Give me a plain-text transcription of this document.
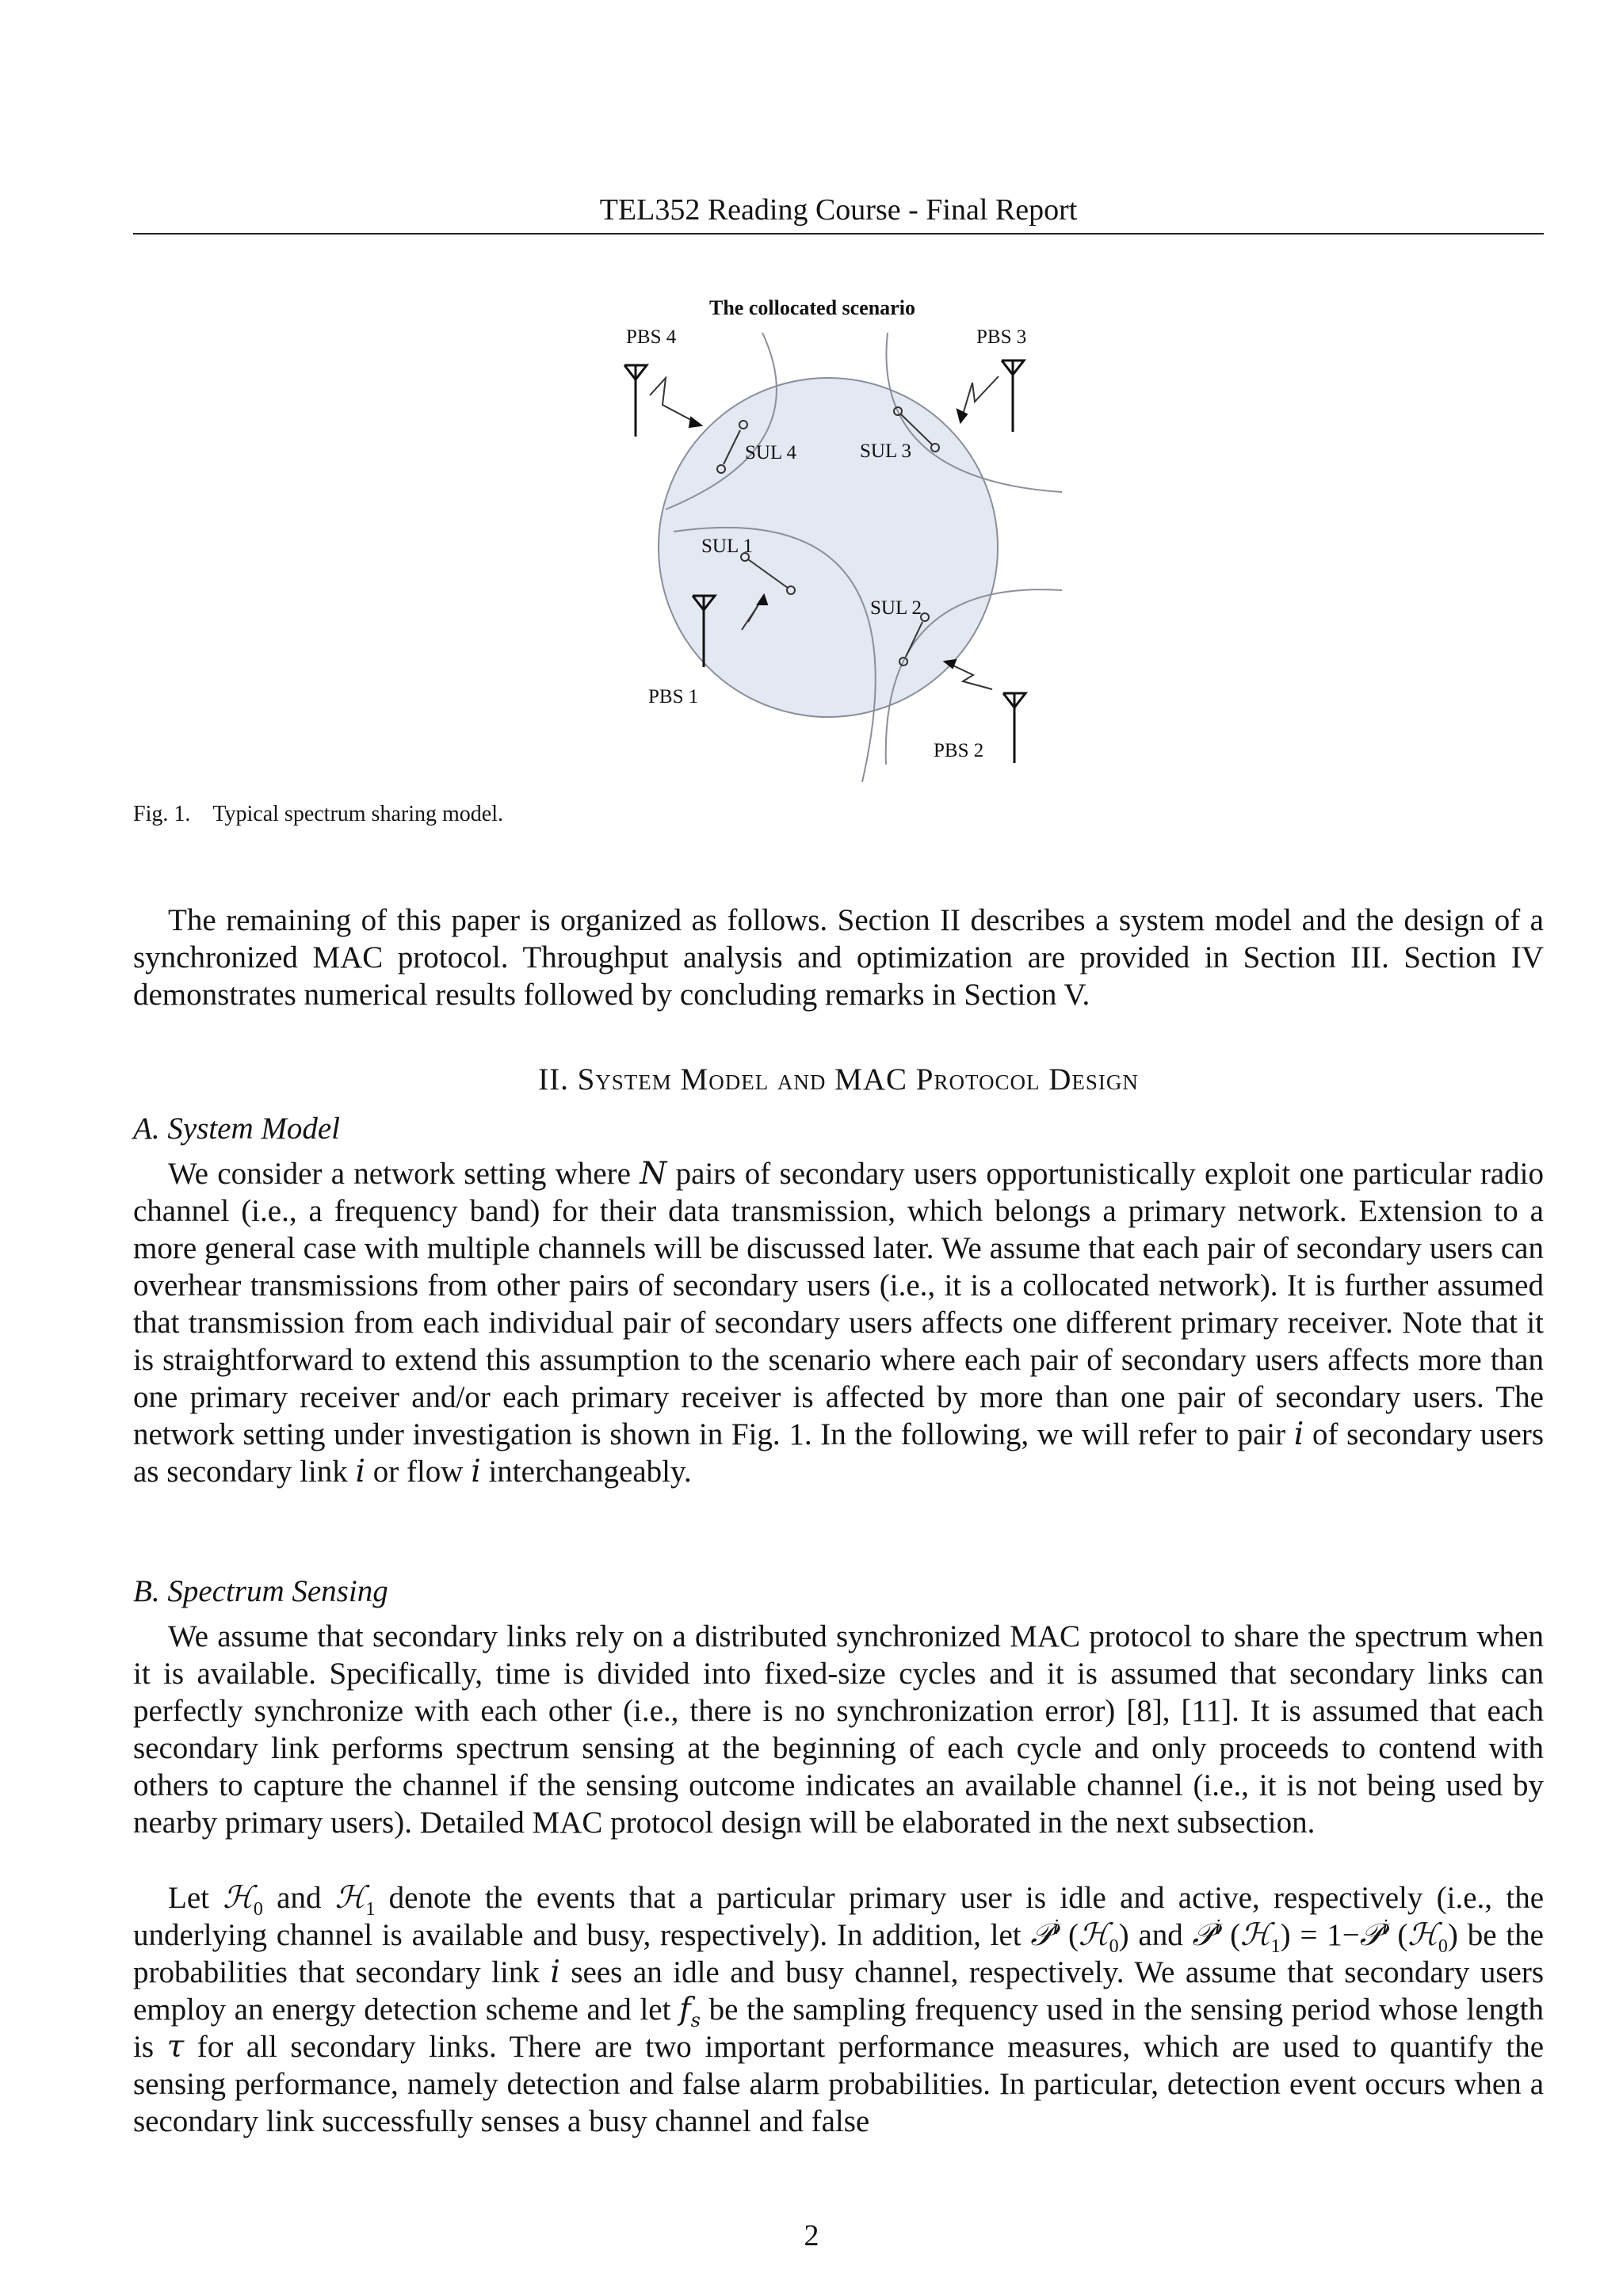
TEL352 Reading Course - Final Report
The collocated scenario
PBS 4	PBS 3
PBS 1
PBS 2
SUL 4	SUL 3
SUL 1
SUL 2
Fig. 1. Typical spectrum sharing model.

The remaining of this paper is organized as follows. Section II describes a system model and the design of a synchronized MAC protocol. Throughput analysis and optimization are provided in Section III. Section IV demonstrates numerical results followed by concluding remarks in Section V.

II. System Model and MAC Protocol Design
A. System Model

We consider a network setting where N pairs of secondary users opportunistically exploit one particular radio channel (i.e., a frequency band) for their data transmission, which belongs a primary network. Extension to a more general case with multiple channels will be discussed later. We assume that each pair of secondary users can overhear transmissions from other pairs of secondary users (i.e., it is a collocated network). It is further assumed that transmission from each individual pair of secondary users affects one different primary receiver. Note that it is straightforward to extend this assumption to the scenario where each pair of secondary users affects more than one primary receiver and/or each primary receiver is affected by more than one pair of secondary users. The network setting under investigation is shown in Fig. 1. In the following, we will refer to pair i of secondary users as secondary link i or flow i interchangeably.

B. Spectrum Sensing

We assume that secondary links rely on a distributed synchronized MAC protocol to share the spectrum when it is available. Specifically, time is divided into fixed-size cycles and it is assumed that secondary links can perfectly synchronize with each other (i.e., there is no synchronization error) [8], [11]. It is assumed that each secondary link performs spectrum sensing at the beginning of each cycle and only proceeds to contend with others to capture the channel if the sensing outcome indicates an available channel (i.e., it is not being used by nearby primary users). Detailed MAC protocol design will be elaborated in the next subsection.

Let ℋ$_0$ and ℋ$_1$ denote the events that a particular primary user is idle and active, respectively (i.e., the underlying channel is available and busy, respectively). In addition, let 𝒫$^i$ (ℋ$_0$) and 𝒫$^i$ (ℋ$_1$) = 1−𝒫$^i$ (ℋ$_0$) be the probabilities that secondary link i sees an idle and busy channel, respectively. We assume that secondary users employ an energy detection scheme and let $f_s$ be the sampling frequency used in the sensing period whose length is τ for all secondary links. There are two important performance measures, which are used to quantify the sensing performance, namely detection and false alarm probabilities. In particular, detection event occurs when a secondary link successfully senses a busy channel and false

2
